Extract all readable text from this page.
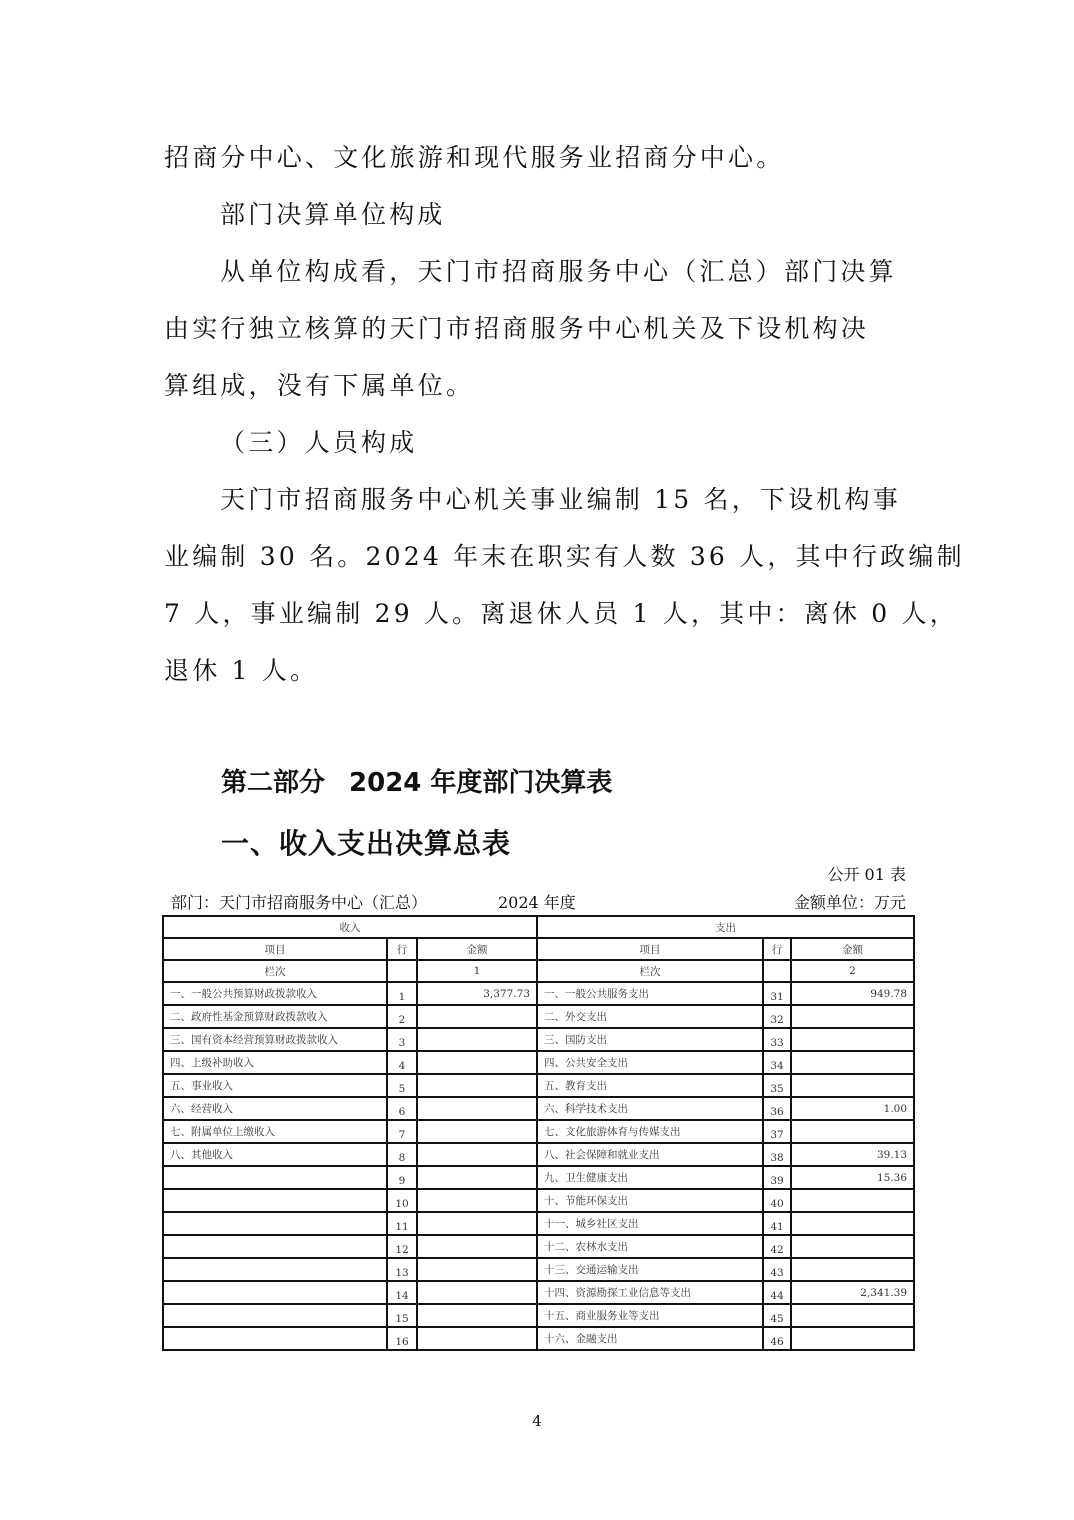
招商分中心、文化旅游和现代服务业招商分中心。
部门决算单位构成
从单位构成看，天门市招商服务中心（汇总）部门决算
由实行独立核算的天门市招商服务中心机关及下设机构决
算组成，没有下属单位。
（三）人员构成
天门市招商服务中心机关事业编制 15 名，下设机构事
业编制 30 名。2024 年末在职实有人数 36 人，其中行政编制
7 人，事业编制 29 人。离退休人员 1 人，其中：离休 0 人，
退休 1 人。
第二部分 2024 年度部门决算表
一、收入支出决算总表
公开 01 表
部门：天门市招商服务中心（汇总）	2024 年度	金额单位：万元
收入			支出		
项目	行	金额	项目	行	金额
栏次		1	栏次		2
一、一般公共预算财政拨款收入	1	3,377.73	一、一般公共服务支出	31	949.78
二、政府性基金预算财政拨款收入	2		二、外交支出	32	
三、国有资本经营预算财政拨款收入	3		三、国防支出	33	
四、上级补助收入	4		四、公共安全支出	34	
五、事业收入	5		五、教育支出	35	
六、经营收入	6		六、科学技术支出	36	1.00
七、附属单位上缴收入	7		七、文化旅游体育与传媒支出	37	
八、其他收入	8		八、社会保障和就业支出	38	39.13
	9		九、卫生健康支出	39	15.36
	10		十、节能环保支出	40	
	11		十一、城乡社区支出	41	
	12		十二、农林水支出	42	
	13		十三、交通运输支出	43	
	14		十四、资源勘探工业信息等支出	44	2,341.39
	15		十五、商业服务业等支出	45	
	16		十六、金融支出	46	
4
